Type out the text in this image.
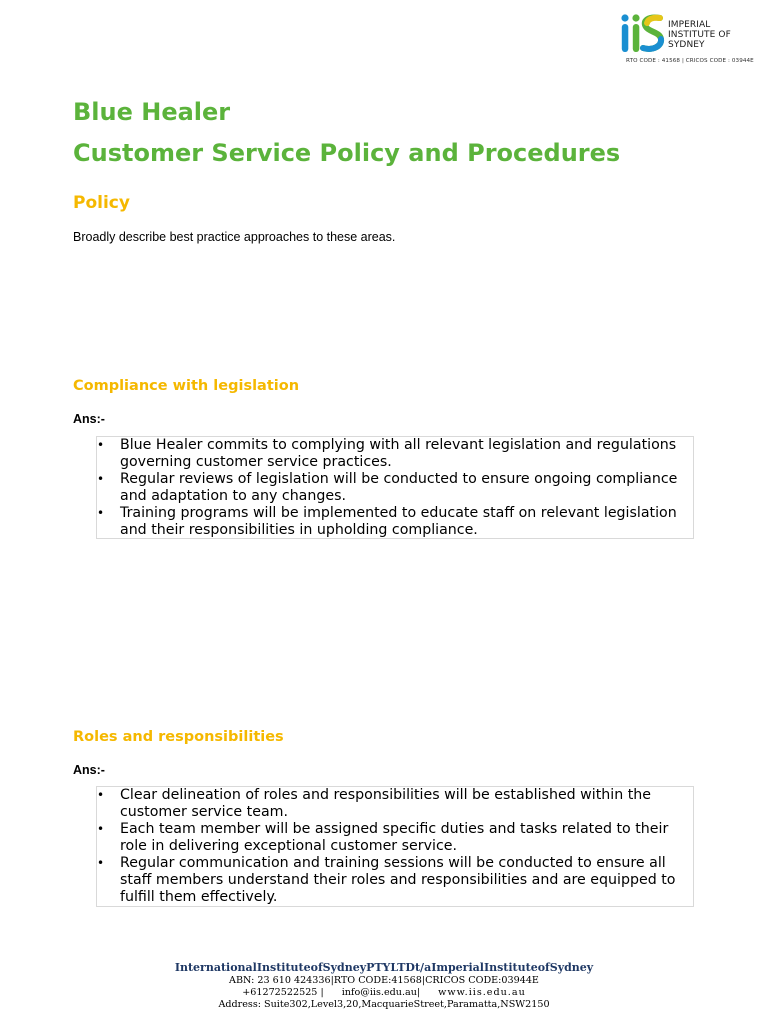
IMPERIAL
INSTITUTE OF
SYDNEY
RTO CODE : 41568 | CRICOS CODE : 03944E
Blue Healer
Customer Service Policy and Procedures
Policy

Broadly describe best practice approaches to these areas.

Compliance with legislation

Ans:-

• Blue Healer commits to complying with all relevant legislation and regulations governing customer service practices.
• Regular reviews of legislation will be conducted to ensure ongoing compliance and adaptation to any changes.
• Training programs will be implemented to educate staff on relevant legislation and their responsibilities in upholding compliance.
Roles and responsibilities

Ans:-

• Clear delineation of roles and responsibilities will be established within the customer service team.
• Each team member will be assigned specific duties and tasks related to their role in delivering exceptional customer service.
• Regular communication and training sessions will be conducted to ensure all staff members understand their roles and responsibilities and are equipped to fulfill them effectively.
InternationalInstituteofSydneyPTYLTDt/aImperialInstituteofSydney
ABN: 23 610 424336|RTO CODE:41568|CRICOS CODE:03944E
+61272522525 | info@iis.edu.au| www.iis.edu.au
Address: Suite302,Level3,20,MacquarieStreet,Paramatta,NSW2150
